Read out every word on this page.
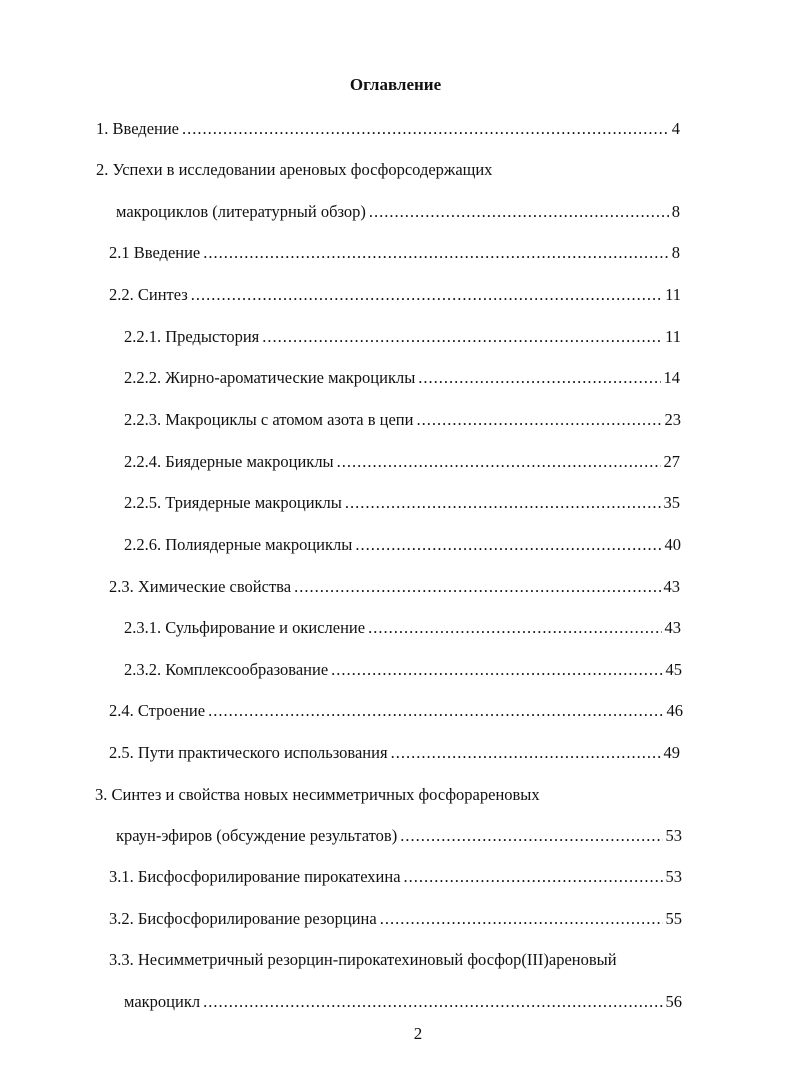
Оглавление
1. Введение .....	4
2. Успехи в исследовании ареновых фосфорсодержащих
макроциклов (литературный обзор) .....	8
2.1 Введение .....	8
2.2. Синтез .....	11
2.2.1. Предыстория .....	11
2.2.2. Жирно-ароматические макроциклы .....	14
2.2.3. Макроциклы с атомом азота в цепи .....	23
2.2.4. Биядерные макроциклы .....	27
2.2.5. Триядерные макроциклы .....	35
2.2.6. Полиядерные макроциклы .....	40
2.3. Химические свойства .....	43
2.3.1. Сульфирование и окисление .....	43
2.3.2. Комплексообразование .....	45
2.4. Строение .....	46
2.5. Пути практического использования .....	49
3. Синтез и свойства новых несимметричных фосфорареновых
краун-эфиров (обсуждение результатов) .....	53
3.1. Бисфосфорилирование пирокатехина .....	53
3.2. Бисфосфорилирование резорцина .....	55
3.3. Несимметричный резорцин-пирокатехиновый фосфор(III)ареновый
макроцикл .....	56
2
